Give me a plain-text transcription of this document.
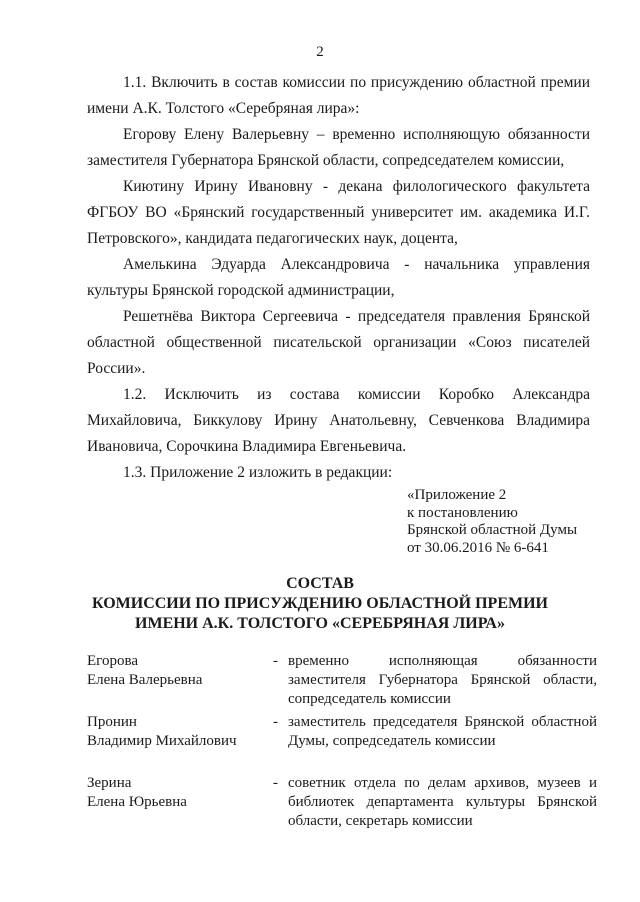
2

1.1. Включить в состав комиссии по присуждению областной премии имени А.К. Толстого «Серебряная лира»:

Егорову Елену Валерьевну – временно исполняющую обязанности заместителя Губернатора Брянской области, сопредседателем комиссии,

Киютину Ирину Ивановну - декана филологического факультета ФГБОУ ВО «Брянский государственный университет им. академика И.Г. Петровского», кандидата педагогических наук, доцента,

Амелькина Эдуарда Александровича - начальника управления культуры Брянской городской администрации,

Решетнёва Виктора Сергеевича - председателя правления Брянской областной общественной писательской организации «Союз писателей России».

1.2. Исключить из состава комиссии Коробко Александра Михайловича, Биккулову Ирину Анатольевну, Севченкова Владимира Ивановича, Сорочкина Владимира Евгеньевича.

1.3. Приложение 2 изложить в редакции:

«Приложение 2
к постановлению
Брянской областной Думы
от 30.06.2016 № 6-641
СОСТАВ
КОМИССИИ ПО ПРИСУЖДЕНИЮ ОБЛАСТНОЙ ПРЕМИИ
ИМЕНИ А.К. ТОЛСТОГО «СЕРЕБРЯНАЯ ЛИРА»
Егорова
Елена Валерьевна
- временно исполняющая обязанности заместителя Губернатора Брянской области, сопредседатель комиссии
Пронин
Владимир Михайлович
- заместитель председателя Брянской областной Думы, сопредседатель комиссии
Зерина
Елена Юрьевна
- советник отдела по делам архивов, музеев и библиотек департамента культуры Брянской области, секретарь комиссии
